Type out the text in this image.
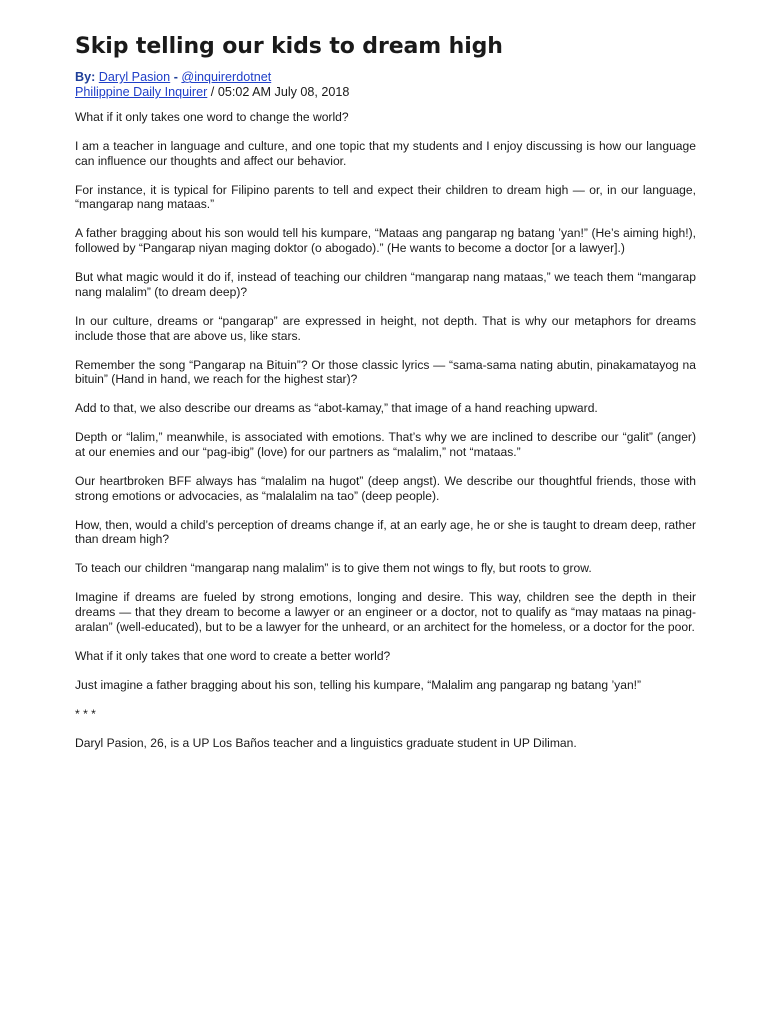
Skip telling our kids to dream high
By: Daryl Pasion - @inquirerdotnet
Philippine Daily Inquirer / 05:02 AM July 08, 2018

What if it only takes one word to change the world?

I am a teacher in language and culture, and one topic that my students and I enjoy discussing is how our language can influence our thoughts and affect our behavior.

For instance, it is typical for Filipino parents to tell and expect their children to dream high — or, in our language, “mangarap nang mataas.”

A father bragging about his son would tell his kumpare, “Mataas ang pangarap ng batang ’yan!” (He’s aiming high!), followed by “Pangarap niyan maging doktor (o abogado).” (He wants to become a doctor [or a lawyer].)

But what magic would it do if, instead of teaching our children “mangarap nang mataas,” we teach them “mangarap nang malalim” (to dream deep)?

In our culture, dreams or “pangarap” are expressed in height, not depth. That is why our metaphors for dreams include those that are above us, like stars.

Remember the song “Pangarap na Bituin”? Or those classic lyrics — “sama-sama nating abutin, pinakamatayog na bituin” (Hand in hand, we reach for the highest star)?

Add to that, we also describe our dreams as “abot-kamay,” that image of a hand reaching upward.

Depth or “lalim,” meanwhile, is associated with emotions. That’s why we are inclined to describe our “galit” (anger) at our enemies and our “pag-ibig” (love) for our partners as “malalim,” not “mataas.”

Our heartbroken BFF always has “malalim na hugot” (deep angst). We describe our thoughtful friends, those with strong emotions or advocacies, as “malalalim na tao” (deep people).

How, then, would a child’s perception of dreams change if, at an early age, he or she is taught to dream deep, rather than dream high?

To teach our children “mangarap nang malalim” is to give them not wings to fly, but roots to grow.

Imagine if dreams are fueled by strong emotions, longing and desire. This way, children see the depth in their dreams — that they dream to become a lawyer or an engineer or a doctor, not to qualify as “may mataas na pinag-aralan” (well-educated), but to be a lawyer for the unheard, or an architect for the homeless, or a doctor for the poor.

What if it only takes that one word to create a better world?

Just imagine a father bragging about his son, telling his kumpare, “Malalim ang pangarap ng batang ’yan!”

* * *

Daryl Pasion, 26, is a UP Los Baños teacher and a linguistics graduate student in UP Diliman.
